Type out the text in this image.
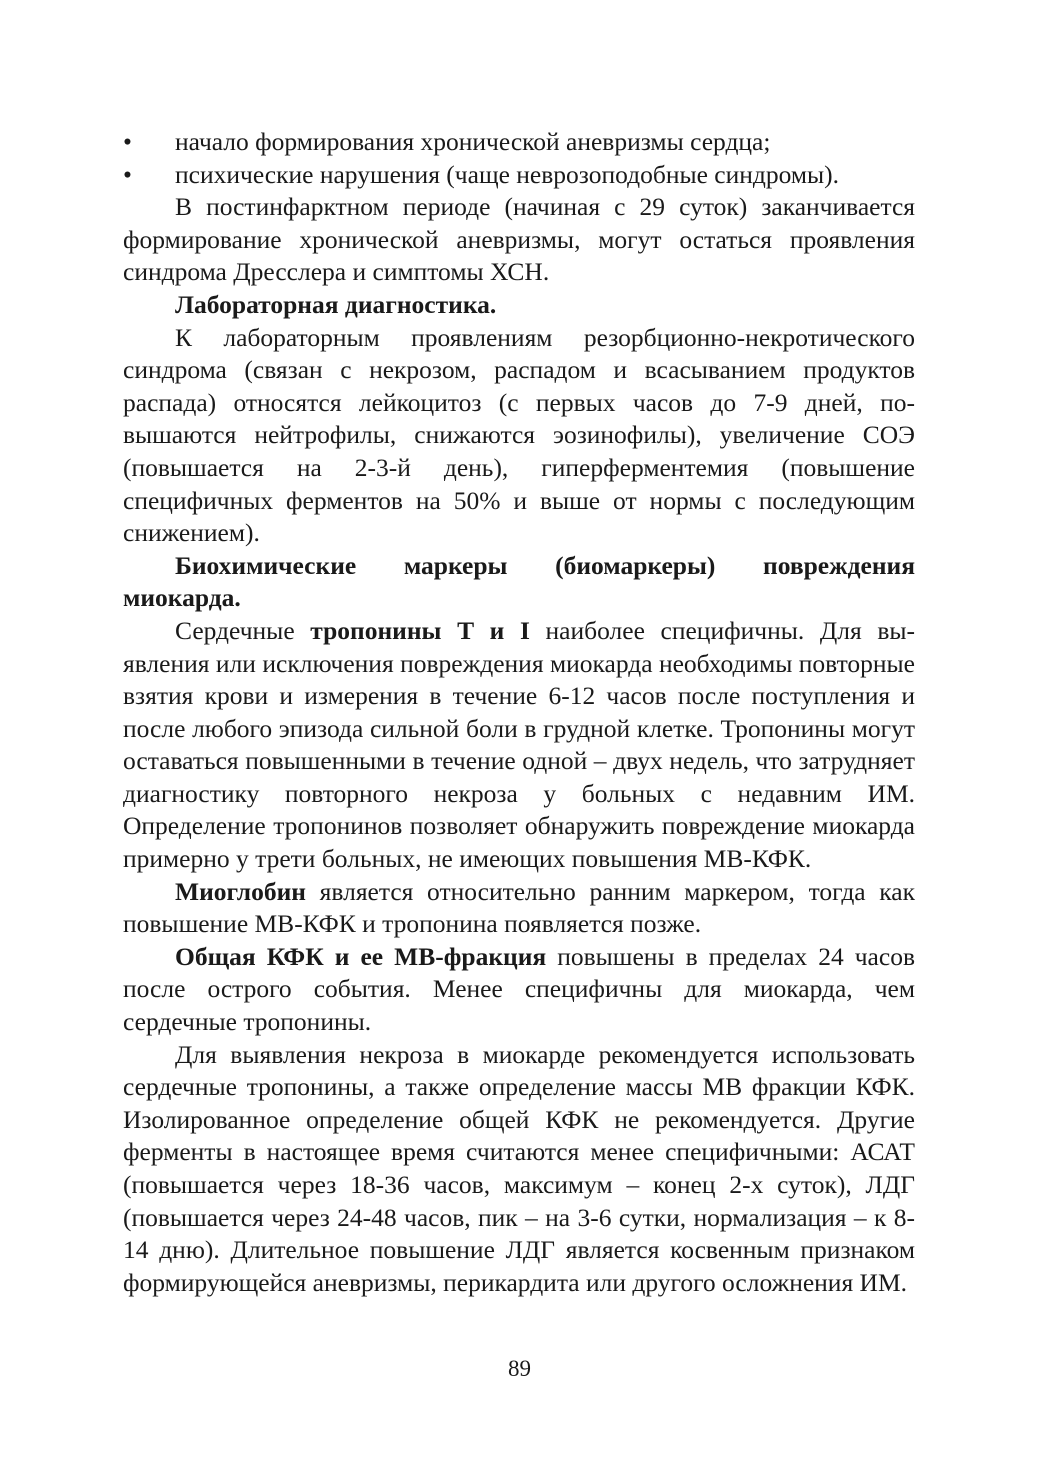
• начало формирования хронической аневризмы сердца;
• психические нарушения (чаще неврозоподобные синдромы).

В постинфарктном периоде (начиная с 29 суток) заканчивается формирование хронической аневризмы, могут остаться проявления синдрома Дресслера и симптомы ХСН.

Лабораторная диагностика.

К лабораторным проявлениям резорбционно-некротического синдрома (связан с некрозом, распадом и всасыванием продуктов распада) относятся лейкоцитоз (с первых часов до 7-9 дней, повышаются нейтрофилы, снижаются эозинофилы), увеличение СОЭ (повышается на 2-3-й день), гиперферментемия (повышение специфичных ферментов на 50% и выше от нормы с последующим снижением).

Биохимические маркеры (биомаркеры) повреждения миокарда.

Сердечные тропонины Т и I наиболее специфичны. Для выявления или исключения повреждения миокарда необходимы повторные взятия крови и измерения в течение 6-12 часов после поступления и после любого эпизода сильной боли в грудной клетке. Тропонины могут оставаться повышенными в течение одной – двух недель, что затрудняет диагностику повторного некроза у больных с недавним ИМ. Определение тропонинов позволяет обнаружить повреждение миокарда примерно у трети больных, не имеющих повышения МВ-КФК.

Миоглобин является относительно ранним маркером, тогда как повышение МВ-КФК и тропонина появляется позже.

Общая КФК и ее МВ-фракция повышены в пределах 24 часов после острого события. Менее специфичны для миокарда, чем сердечные тропонины.

Для выявления некроза в миокарде рекомендуется использовать сердечные тропонины, а также определение массы МВ фракции КФК. Изолированное определение общей КФК не рекомендуется. Другие ферменты в настоящее время считаются менее специфичными: АСАТ (повышается через 18-36 часов, максимум – конец 2-х суток), ЛДГ (повышается через 24-48 часов, пик – на 3-6 сутки, нормализация – к 8-14 дню). Длительное повышение ЛДГ является косвенным признаком формирующейся аневризмы, перикардита или другого осложнения ИМ.

89
